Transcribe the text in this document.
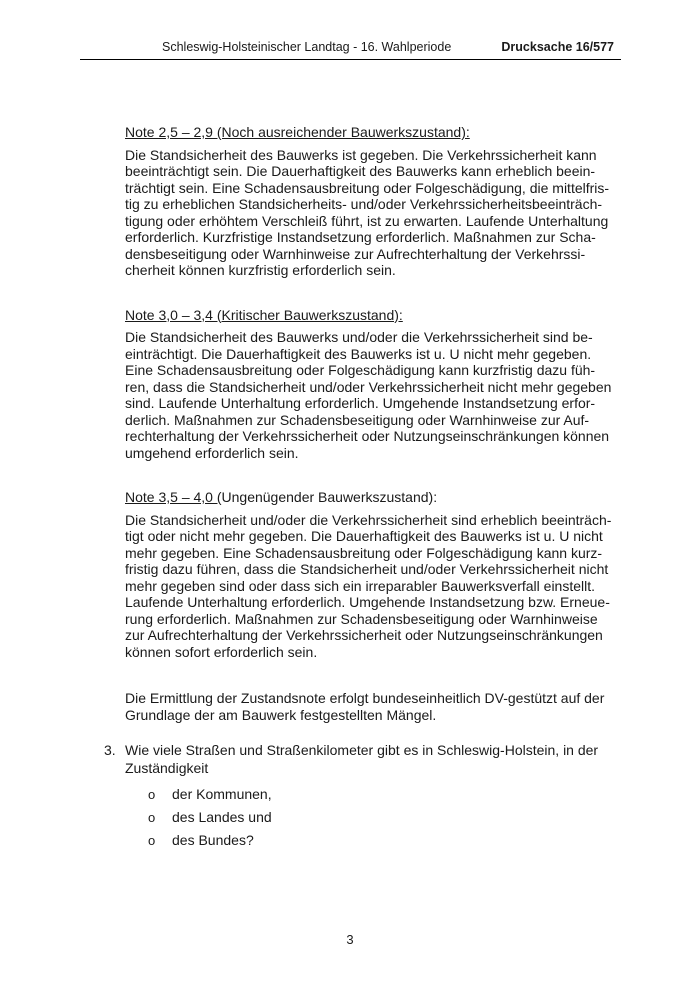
Schleswig-Holsteinischer Landtag - 16. Wahlperiode	Drucksache 16/577

Note 2,5 – 2,9 (Noch ausreichender Bauwerkszustand):

Die Standsicherheit des Bauwerks ist gegeben. Die Verkehrssicherheit kann
beeinträchtigt sein. Die Dauerhaftigkeit des Bauwerks kann erheblich beein-
trächtigt sein. Eine Schadensausbreitung oder Folgeschädigung, die mittelfris-
tig zu erheblichen Standsicherheits- und/oder Verkehrssicherheitsbeeinträch-
tigung oder erhöhtem Verschleiß führt, ist zu erwarten. Laufende Unterhaltung
erforderlich. Kurzfristige Instandsetzung erforderlich. Maßnahmen zur Scha-
densbeseitigung oder Warnhinweise zur Aufrechterhaltung der Verkehrssi-
cherheit können kurzfristig erforderlich sein.

Note 3,0 – 3,4 (Kritischer Bauwerkszustand):

Die Standsicherheit des Bauwerks und/oder die Verkehrssicherheit sind be-
einträchtigt. Die Dauerhaftigkeit des Bauwerks ist u. U nicht mehr gegeben.
Eine Schadensausbreitung oder Folgeschädigung kann kurzfristig dazu füh-
ren, dass die Standsicherheit und/oder Verkehrssicherheit nicht mehr gegeben
sind. Laufende Unterhaltung erforderlich. Umgehende Instandsetzung erfor-
derlich. Maßnahmen zur Schadensbeseitigung oder Warnhinweise zur Auf-
rechterhaltung der Verkehrssicherheit oder Nutzungseinschränkungen können
umgehend erforderlich sein.

Note 3,5 – 4,0 (Ungenügender Bauwerkszustand):

Die Standsicherheit und/oder die Verkehrssicherheit sind erheblich beeinträch-
tigt oder nicht mehr gegeben. Die Dauerhaftigkeit des Bauwerks ist u. U nicht
mehr gegeben. Eine Schadensausbreitung oder Folgeschädigung kann kurz-
fristig dazu führen, dass die Standsicherheit und/oder Verkehrssicherheit nicht
mehr gegeben sind oder dass sich ein irreparabler Bauwerksverfall einstellt.
Laufende Unterhaltung erforderlich. Umgehende Instandsetzung bzw. Erneue-
rung erforderlich. Maßnahmen zur Schadensbeseitigung oder Warnhinweise
zur Aufrechterhaltung der Verkehrssicherheit oder Nutzungseinschränkungen
können sofort erforderlich sein.

Die Ermittlung der Zustandsnote erfolgt bundeseinheitlich DV-gestützt auf der
Grundlage der am Bauwerk festgestellten Mängel.

3. Wie viele Straßen und Straßenkilometer gibt es in Schleswig-Holstein, in der
Zuständigkeit
o der Kommunen,
o des Landes und
o des Bundes?
3
